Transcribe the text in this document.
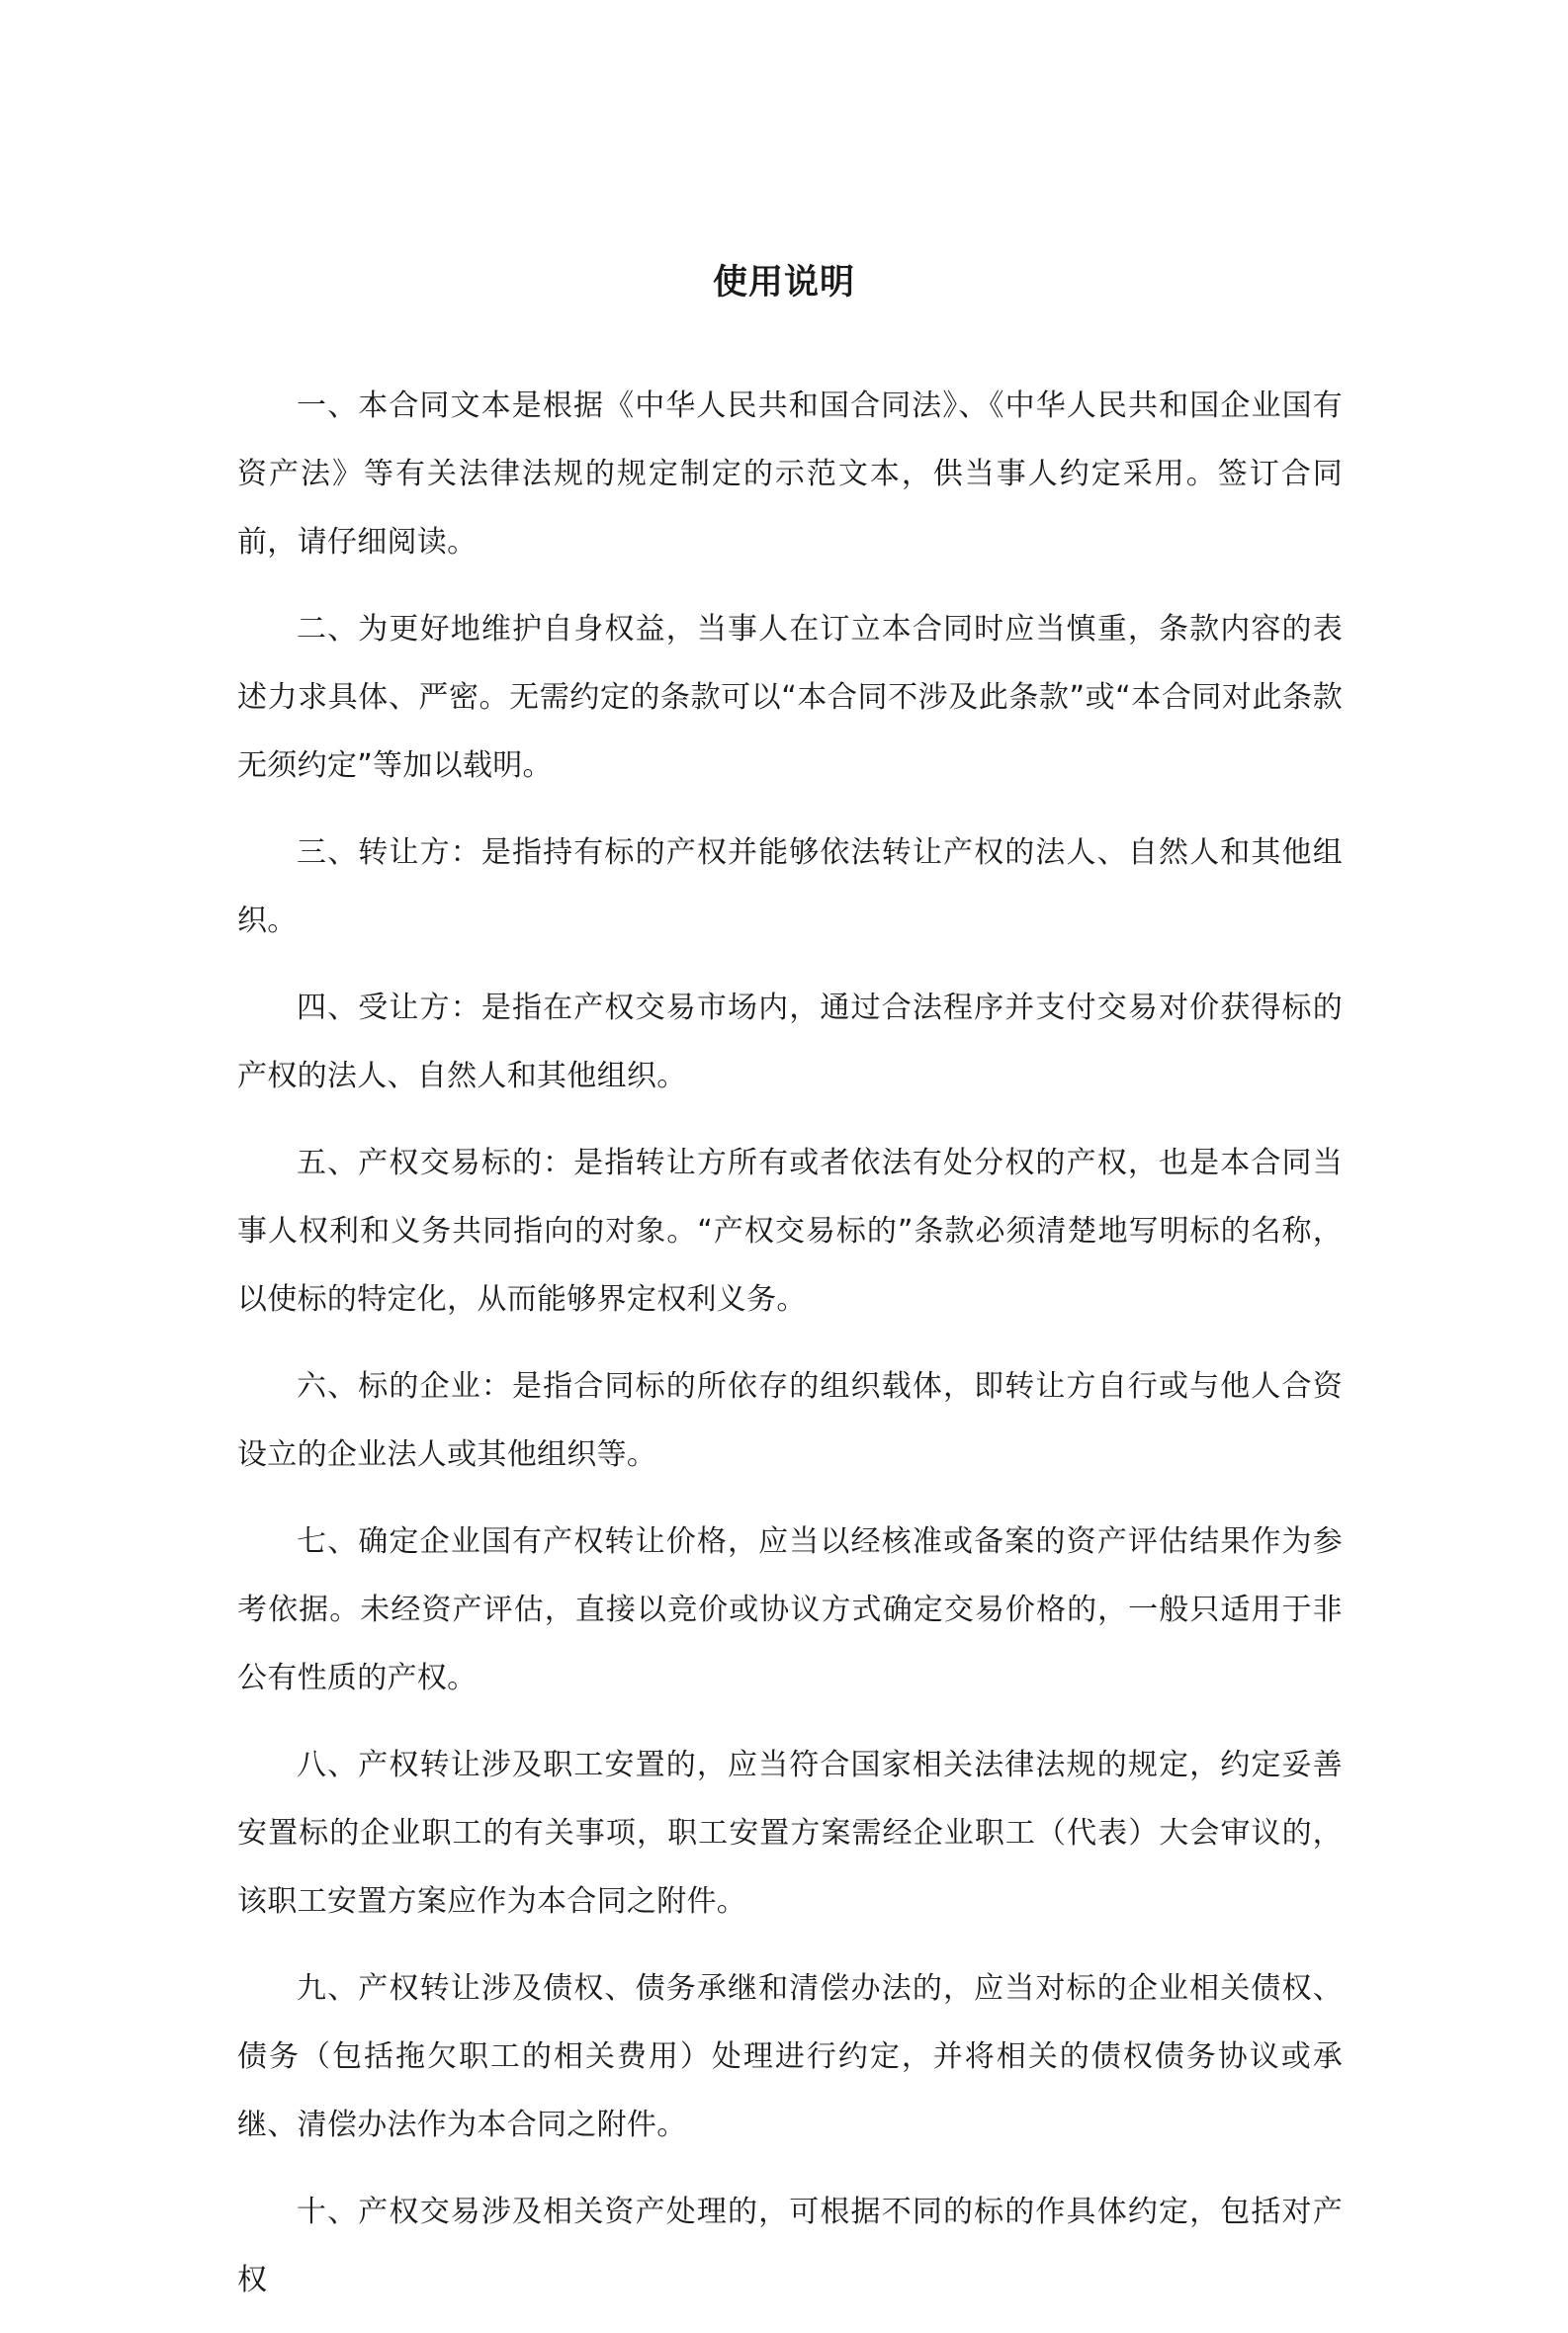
使用说明

一、本合同文本是根据《中华人民共和国合同法》、《中华人民共和国企业国有资产法》等有关法律法规的规定制定的示范文本，供当事人约定采用。签订合同前，请仔细阅读。

二、为更好地维护自身权益，当事人在订立本合同时应当慎重，条款内容的表述力求具体、严密。无需约定的条款可以“本合同不涉及此条款”或“本合同对此条款无须约定”等加以载明。

三、转让方：是指持有标的产权并能够依法转让产权的法人、自然人和其他组织。

四、受让方：是指在产权交易市场内，通过合法程序并支付交易对价获得标的产权的法人、自然人和其他组织。

五、产权交易标的：是指转让方所有或者依法有处分权的产权，也是本合同当事人权利和义务共同指向的对象。“产权交易标的”条款必须清楚地写明标的名称，以使标的特定化，从而能够界定权利义务。

六、标的企业：是指合同标的所依存的组织载体，即转让方自行或与他人合资设立的企业法人或其他组织等。

七、确定企业国有产权转让价格，应当以经核准或备案的资产评估结果作为参考依据。未经资产评估，直接以竞价或协议方式确定交易价格的，一般只适用于非公有性质的产权。

八、产权转让涉及职工安置的，应当符合国家相关法律法规的规定，约定妥善安置标的企业职工的有关事项，职工安置方案需经企业职工（代表）大会审议的，该职工安置方案应作为本合同之附件。

九、产权转让涉及债权、债务承继和清偿办法的，应当对标的企业相关债权、债务（包括拖欠职工的相关费用）处理进行约定，并将相关的债权债务协议或承继、清偿办法作为本合同之附件。

十、产权交易涉及相关资产处理的，可根据不同的标的作具体约定，包括对产权
